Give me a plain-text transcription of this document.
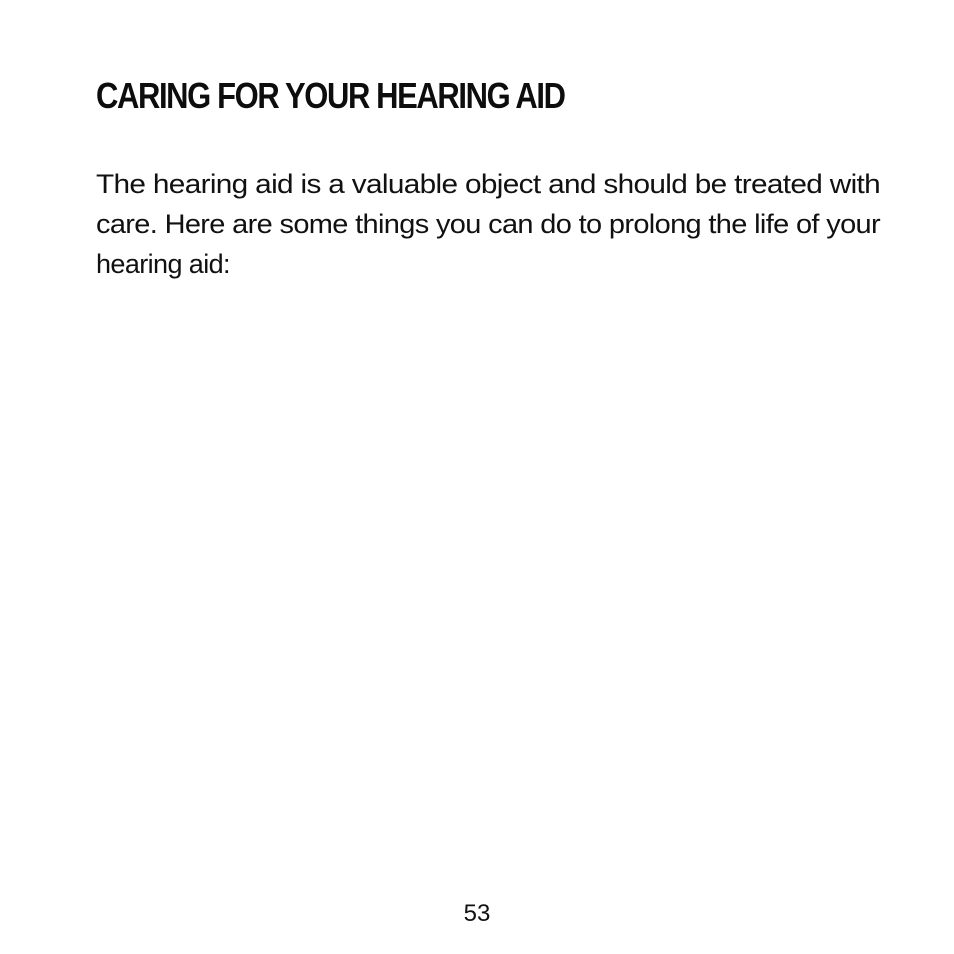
CARING FOR YOUR HEARING AID

The hearing aid is a valuable object and should be treated with
care. Here are some things you can do to prolong the life of your
hearing aid:

53
